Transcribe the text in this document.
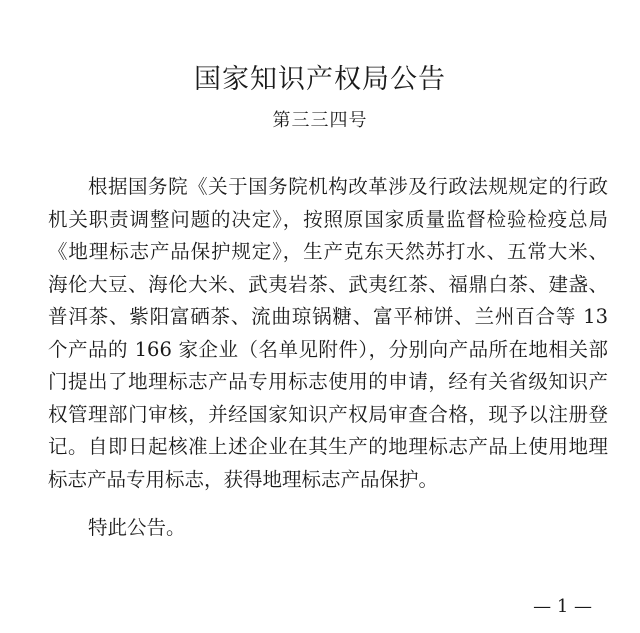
国家知识产权局公告
第三三四号
根据国务院《关于国务院机构改革涉及行政法规规定的行政
机关职责调整问题的决定》，按照原国家质量监督检验检疫总局
《地理标志产品保护规定》，生产克东天然苏打水、五常大米、
海伦大豆、海伦大米、武夷岩茶、武夷红茶、福鼎白茶、建盏、
普洱茶、紫阳富硒茶、流曲琼锅糖、富平柿饼、兰州百合等 13
个产品的 166 家企业（名单见附件），分别向产品所在地相关部
门提出了地理标志产品专用标志使用的申请，经有关省级知识产
权管理部门审核，并经国家知识产权局审查合格，现予以注册登
记。自即日起核准上述企业在其生产的地理标志产品上使用地理
标志产品专用标志，获得地理标志产品保护。
特此公告。
— 1 —
